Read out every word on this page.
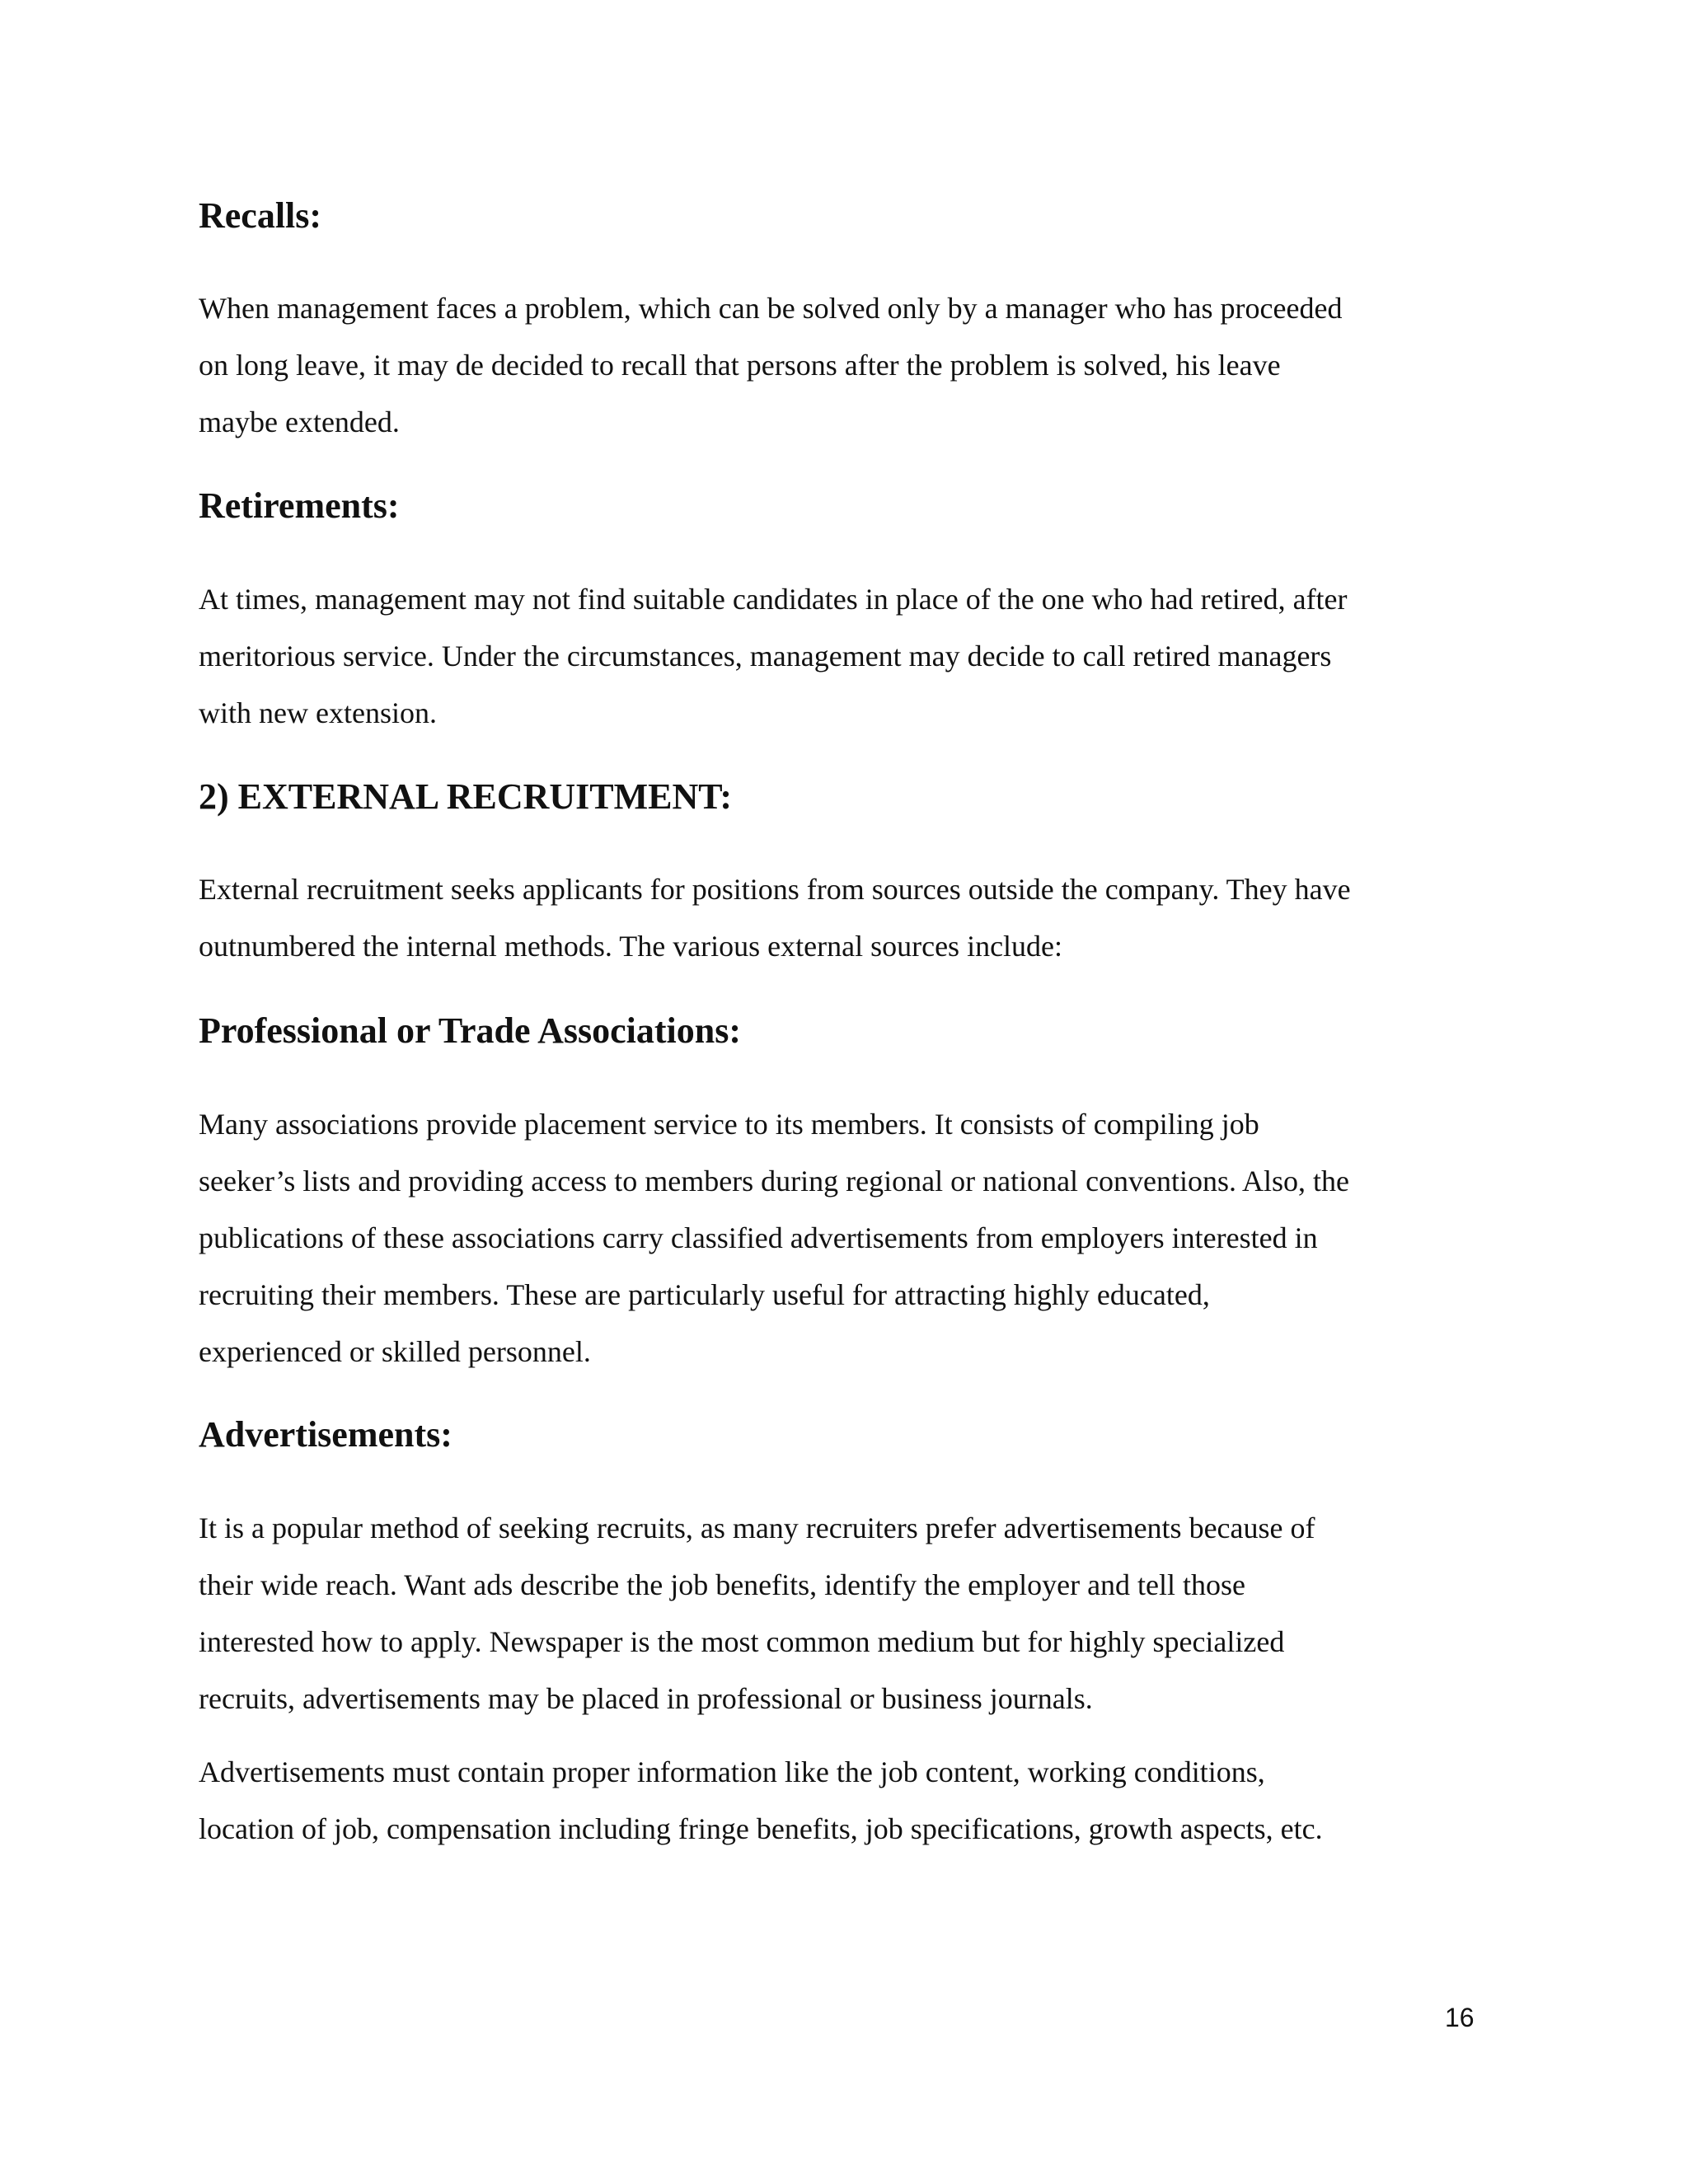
Recalls:

When management faces a problem, which can be solved only by a manager who has proceeded
on long leave, it may de decided to recall that persons after the problem is solved, his leave
maybe extended.

Retirements:

At times, management may not find suitable candidates in place of the one who had retired, after
meritorious service. Under the circumstances, management may decide to call retired managers
with new extension.

2) EXTERNAL RECRUITMENT:

External recruitment seeks applicants for positions from sources outside the company. They have
outnumbered the internal methods. The various external sources include:

Professional or Trade Associations:

Many associations provide placement service to its members. It consists of compiling job
seeker’s lists and providing access to members during regional or national conventions. Also, the
publications of these associations carry classified advertisements from employers interested in
recruiting their members. These are particularly useful for attracting highly educated,
experienced or skilled personnel.

Advertisements:

It is a popular method of seeking recruits, as many recruiters prefer advertisements because of
their wide reach. Want ads describe the job benefits, identify the employer and tell those
interested how to apply. Newspaper is the most common medium but for highly specialized
recruits, advertisements may be placed in professional or business journals.

Advertisements must contain proper information like the job content, working conditions,
location of job, compensation including fringe benefits, job specifications, growth aspects, etc.

16
